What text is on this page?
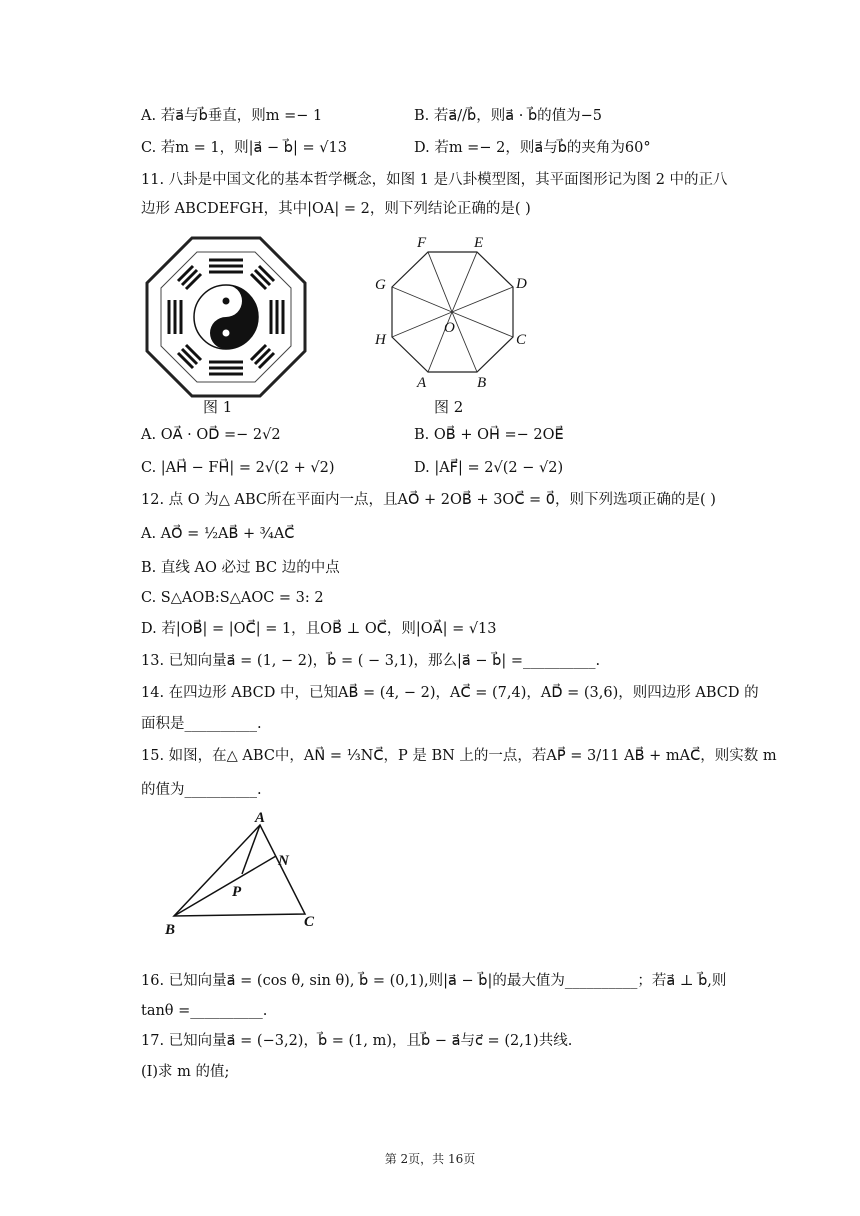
A. 若a⃗与b⃗垂直，则m =− 1	B. 若a⃗//b⃗，则a⃗ · b⃗的值为−5
C. 若m = 1，则|a⃗ − b⃗| = √13	D. 若m =− 2，则a⃗与b⃗的夹角为60°
11. 八卦是中国文化的基本哲学概念，如图 1 是八卦模型图，其平面图形记为图 2 中的正八
边形 ABCDEFGH，其中|OA| = 2，则下列结论正确的是( )
图 1
F	E
D
C
B
A
H
G
O
图 2
A. OA⃗ · OD⃗ =− 2√2	B. OB⃗ + OH⃗ =− 2OE⃗
C. |AH⃗ − FH⃗| = 2√(2 + √2)	D. |AF⃗| = 2√(2 − √2)
12. 点 O 为△ ABC所在平面内一点，且AO⃗ + 2OB⃗ + 3OC⃗ = 0⃗，则下列选项正确的是( )
A. AO⃗ = ½AB⃗ + ¾AC⃗
B. 直线 AO 必过 BC 边的中点
C. S△AOB:S△AOC = 3: 2
D. 若|OB⃗| = |OC⃗| = 1，且OB⃗ ⊥ OC⃗，则|OA⃗| = √13
13. 已知向量a⃗ = (1, − 2)，b⃗ = ( − 3,1)，那么|a⃗ − b⃗| =__________.
14. 在四边形 ABCD 中，已知AB⃗ = (4, − 2)，AC⃗ = (7,4)，AD⃗ = (3,6)，则四边形 ABCD 的
面积是__________.
15. 如图，在△ ABC中，AN⃗ = ⅓NC⃗，P 是 BN 上的一点，若AP⃗ = 3/11 AB⃗ + mAC⃗，则实数 m
的值为__________.
A
N
P
B	C
16. 已知向量a⃗ = (cos θ, sin θ), b⃗ = (0,1),则|a⃗ − b⃗|的最大值为__________；若a⃗ ⊥ b⃗,则
tanθ =__________.
17. 已知向量a⃗ = (−3,2)，b⃗ = (1, m)，且b⃗ − a⃗与c⃗ = (2,1)共线.
(Ⅰ)求 m 的值;
第 2页，共 16页
